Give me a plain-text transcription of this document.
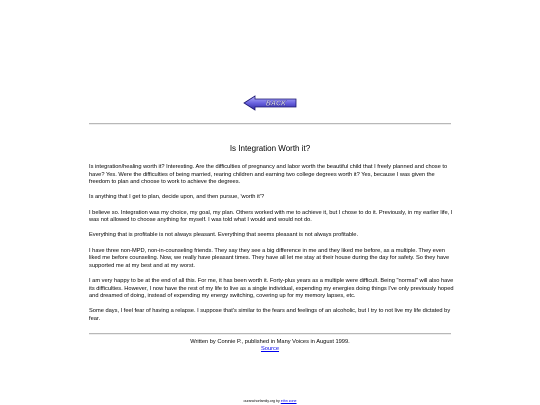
BACK
Is Integration Worth it?

Is integration/healing worth it? Interesting. Are the difficulties of pregnancy and labor worth the beautiful child that I freely planned and chose to have? Yes. Were the difficulties of being married, rearing children and earning two college degrees worth it? Yes, because I was given the freedom to plan and choose to work to achieve the degrees.

Is anything that I get to plan, decide upon, and then pursue, 'worth it'?

I believe so. Integration was my choice, my goal, my plan. Others worked with me to achieve it, but I chose to do it. Previously, in my earlier life, I was not allowed to choose anything for myself. I was told what I would and would not do.

Everything that is profitable is not always pleasant. Everything that seems pleasant is not always profitable.

I have three non-MPD, non-in-counseling friends. They say they see a big difference in me and they liked me before, as a multiple. They even liked me before counseling. Now, we really have pleasant times. They have all let me stay at their house during the day for safety. So they have supported me at my best and at my worst.

I am very happy to be at the end of all this. For me, it has been worth it. Forty-plus years as a multiple were difficult. Being "normal" will also have its difficulties. However, I now have the rest of my life to live as a single individual, expending my energies doing things I've only previously hoped and dreamed of doing, instead of expending my energy switching, covering up for my memory lapses, etc.

Some days, I feel fear of having a relapse. I suppose that's similar to the fears and feelings of an alcoholic, but I try to not live my life dictated by fear.

Written by Connie P., published in Many Voices in August 1999.
Source
ouranchorfamily.org by ethn zone
